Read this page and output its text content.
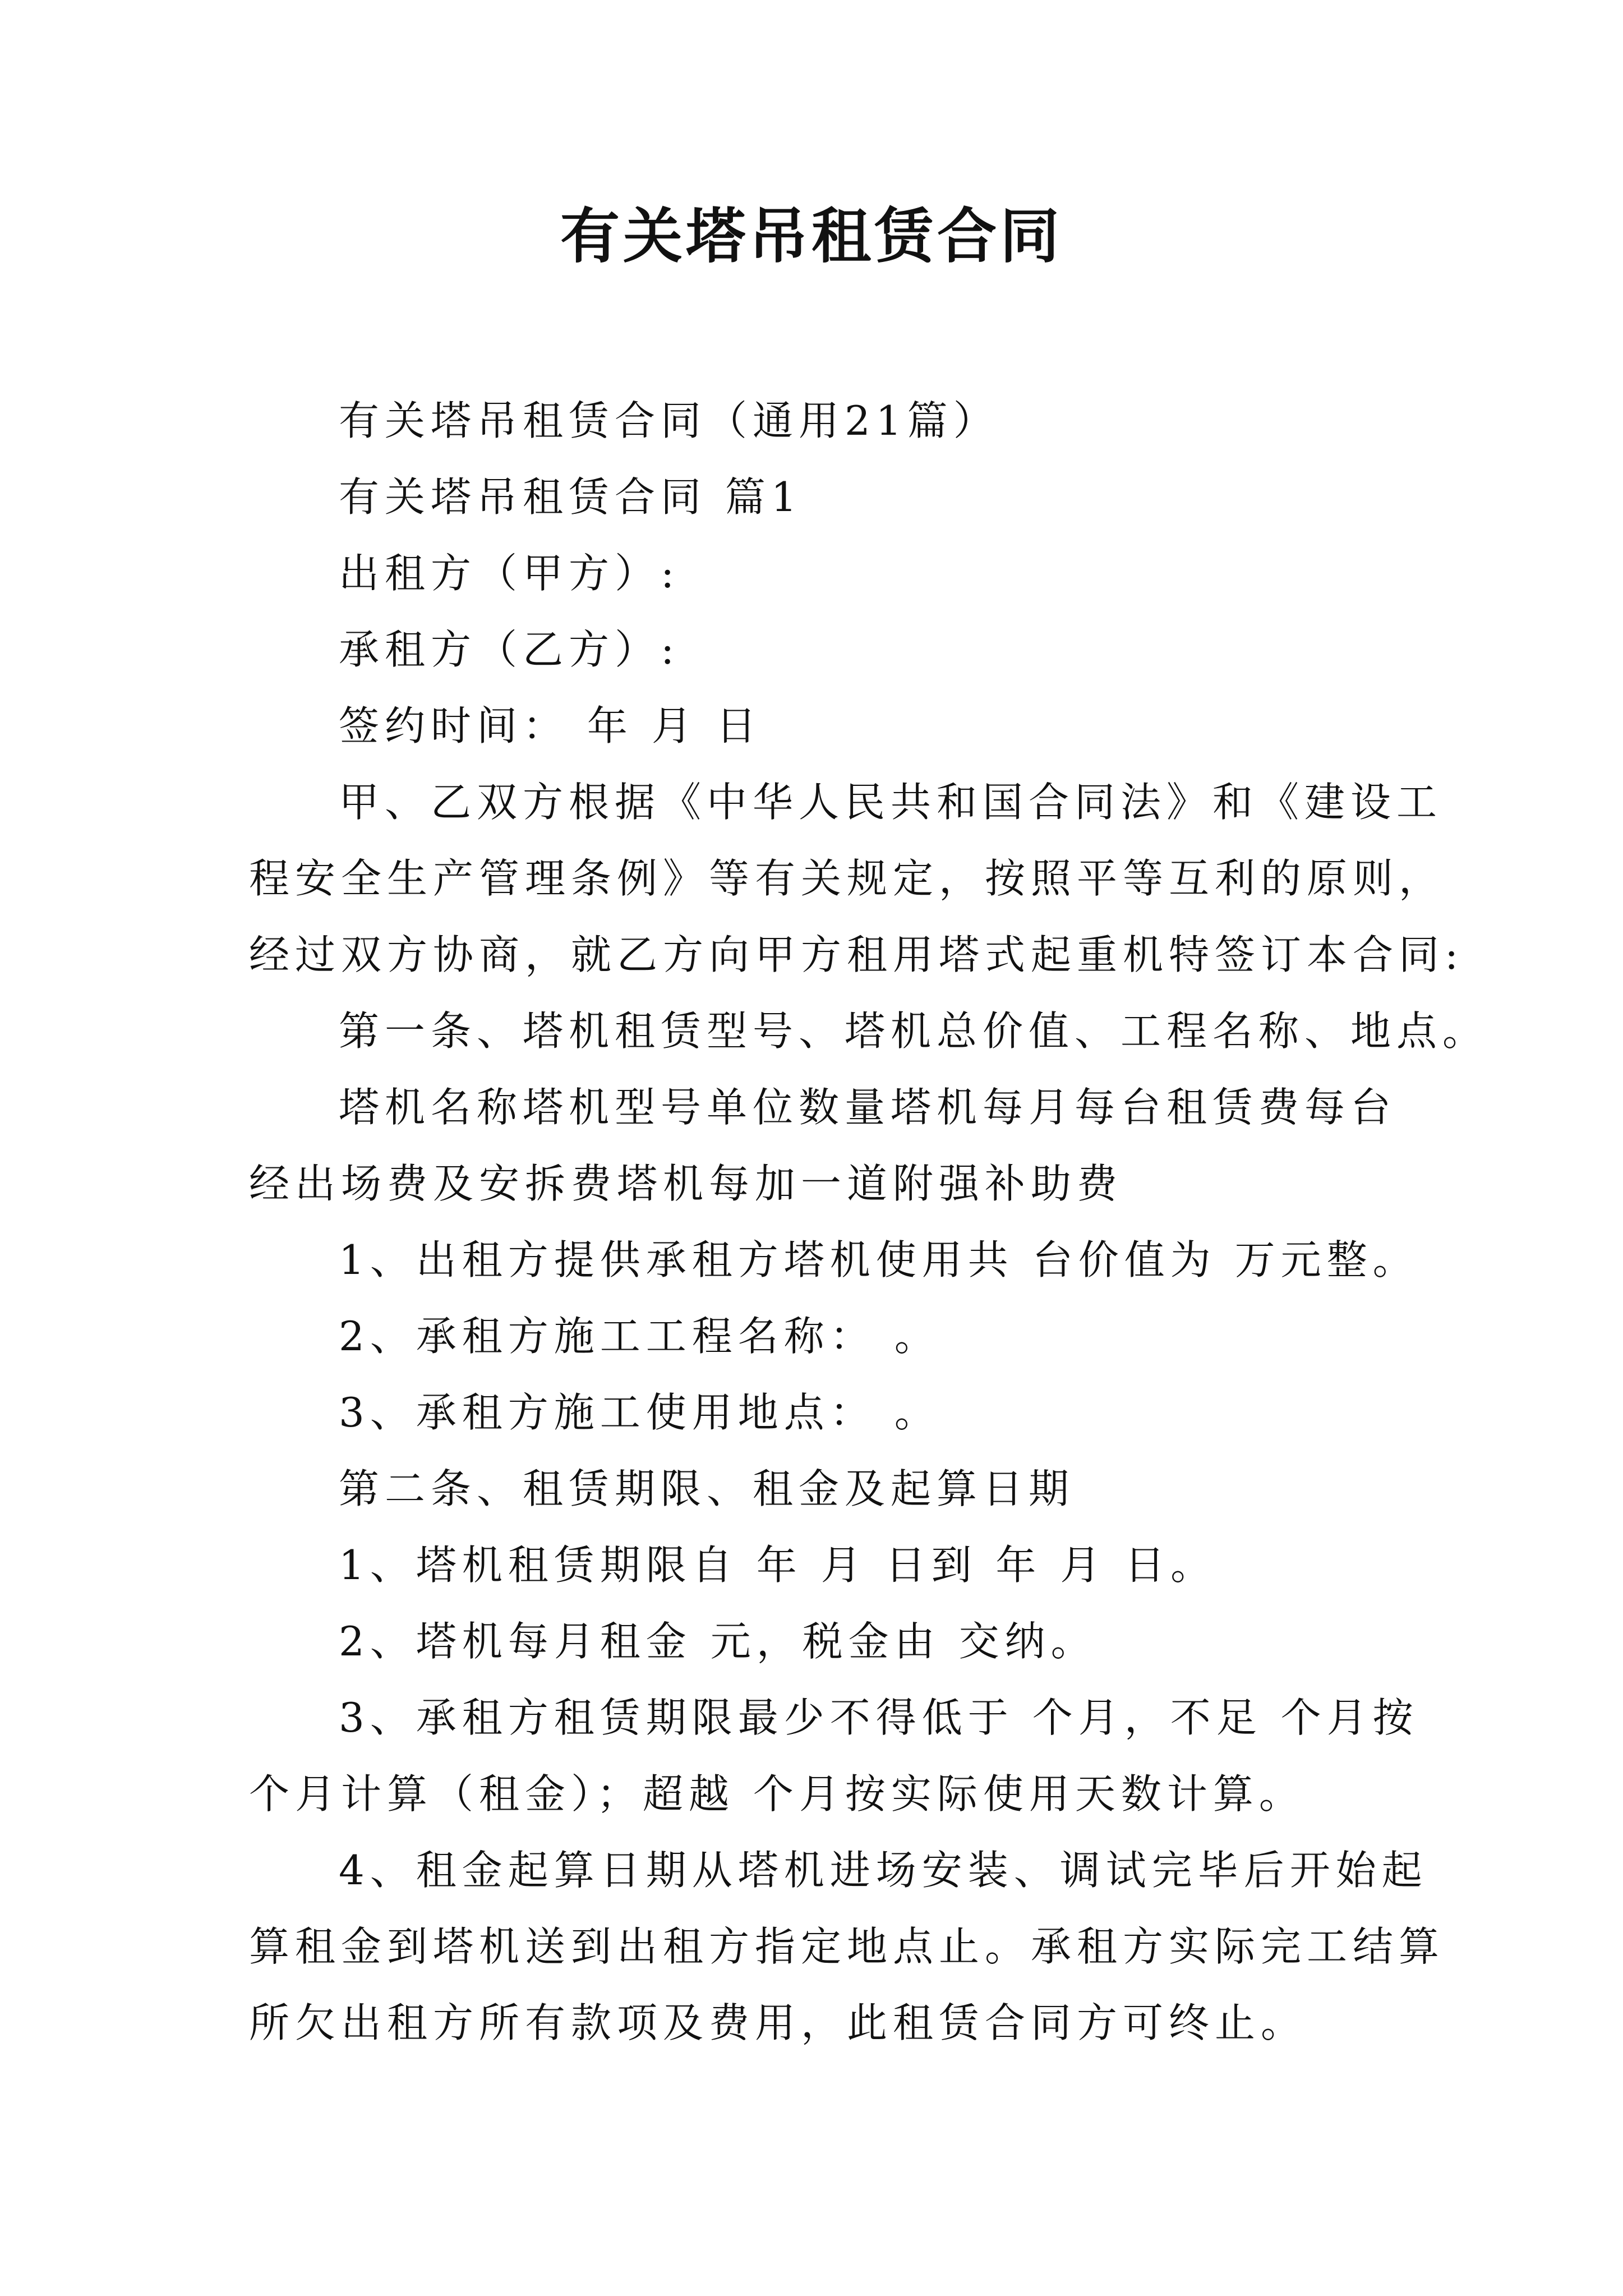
有关塔吊租赁合同

有关塔吊租赁合同（通用21篇）

有关塔吊租赁合同 篇1

出租方（甲方）:

承租方（乙方）:

签约时间： 年 月 日

甲、乙双方根据《中华人民共和国合同法》和《建设工

程安全生产管理条例》等有关规定，按照平等互利的原则，

经过双方协商，就乙方向甲方租用塔式起重机特签订本合同:

第一条、塔机租赁型号、塔机总价值、工程名称、地点。

塔机名称塔机型号单位数量塔机每月每台租赁费每台

经出场费及安拆费塔机每加一道附强补助费

1、出租方提供承租方塔机使用共 台价值为 万元整。

2、承租方施工工程名称： 。

3、承租方施工使用地点： 。

第二条、租赁期限、租金及起算日期

1、塔机租赁期限自 年 月 日到 年 月 日。

2、塔机每月租金 元，税金由 交纳。

3、承租方租赁期限最少不得低于 个月，不足 个月按

个月计算（租金）；超越 个月按实际使用天数计算。

4、租金起算日期从塔机进场安装、调试完毕后开始起

算租金到塔机送到出租方指定地点止。承租方实际完工结算

所欠出租方所有款项及费用，此租赁合同方可终止。
